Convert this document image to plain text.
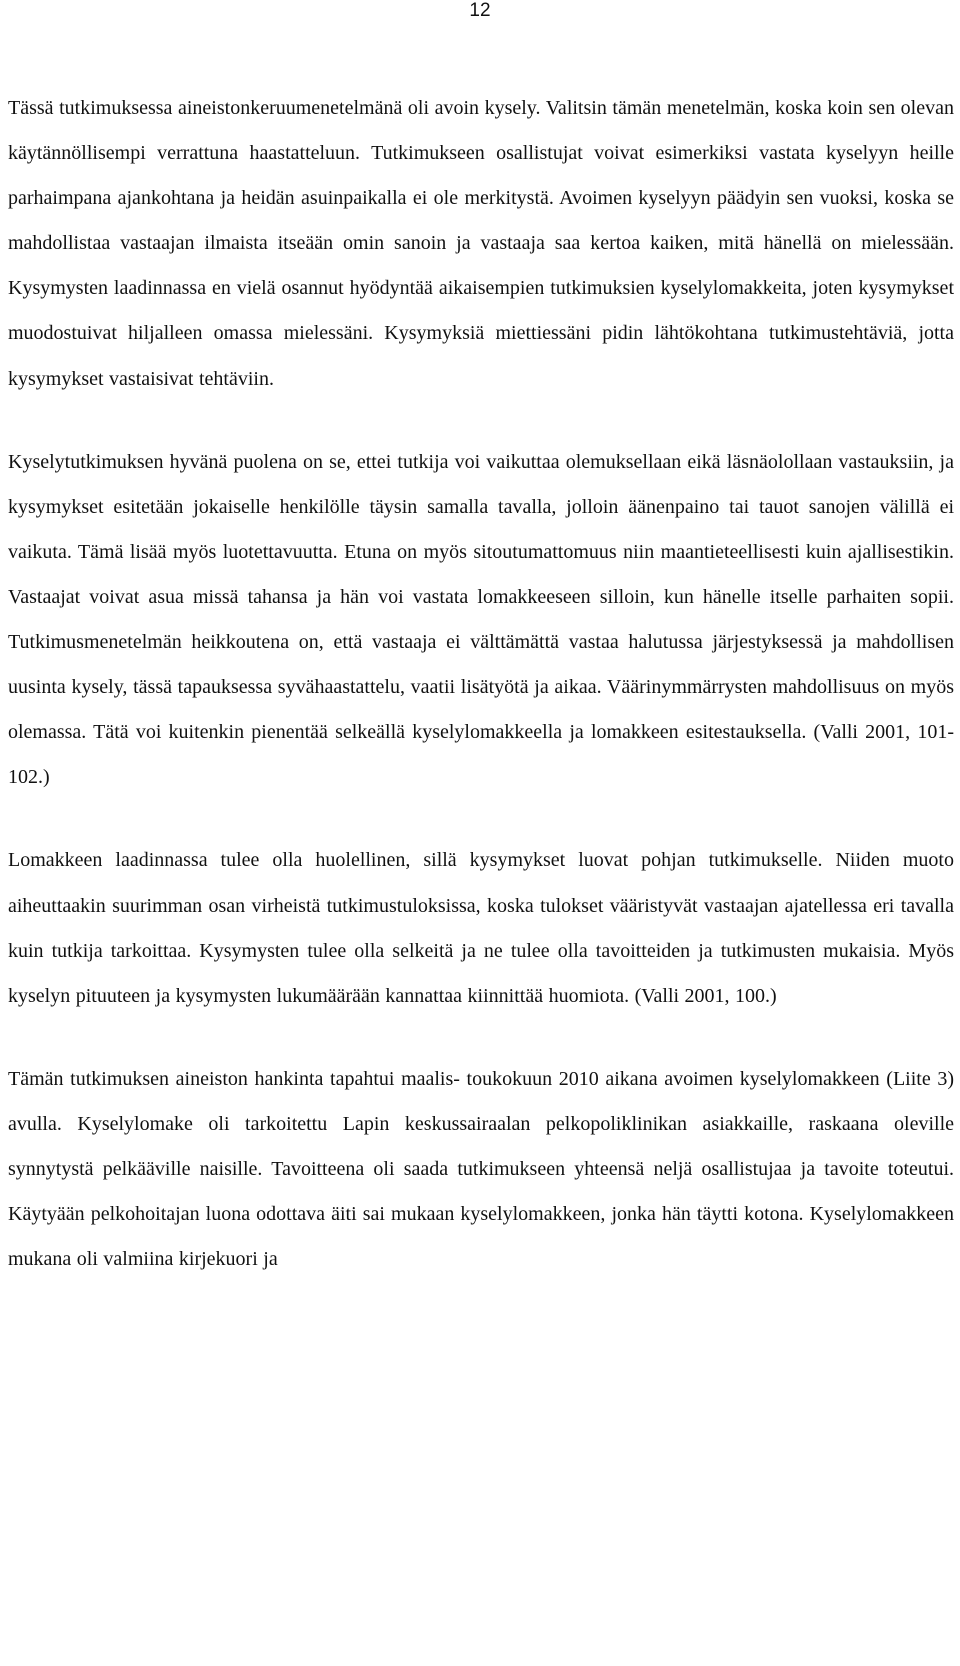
12

Tässä tutkimuksessa aineistonkeruumenetelmänä oli avoin kysely. Valitsin tämän menetelmän, koska koin sen olevan käytännöllisempi verrattuna haastatteluun. Tutkimukseen osallistujat voivat esimerkiksi vastata kyselyyn heille parhaimpana ajankohtana ja heidän asuinpaikalla ei ole merkitystä. Avoimen kyselyyn päädyin sen vuoksi, koska se mahdollistaa vastaajan ilmaista itseään omin sanoin ja vastaaja saa kertoa kaiken, mitä hänellä on mielessään. Kysymysten laadinnassa en vielä osannut hyödyntää aikaisempien tutkimuksien kyselylomakkeita, joten kysymykset muodostuivat hiljalleen omassa mielessäni. Kysymyksiä miettiessäni pidin lähtökohtana tutkimustehtäviä, jotta kysymykset vastaisivat tehtäviin.

Kyselytutkimuksen hyvänä puolena on se, ettei tutkija voi vaikuttaa olemuksellaan eikä läsnäolollaan vastauksiin, ja kysymykset esitetään jokaiselle henkilölle täysin samalla tavalla, jolloin äänenpaino tai tauot sanojen välillä ei vaikuta. Tämä lisää myös luotettavuutta. Etuna on myös sitoutumattomuus niin maantieteellisesti kuin ajallisestikin. Vastaajat voivat asua missä tahansa ja hän voi vastata lomakkeeseen silloin, kun hänelle itselle parhaiten sopii. Tutkimusmenetelmän heikkoutena on, että vastaaja ei välttämättä vastaa halutussa järjestyksessä ja mahdollisen uusinta kysely, tässä tapauksessa syvähaastattelu, vaatii lisätyötä ja aikaa. Väärinymmärrysten mahdollisuus on myös olemassa. Tätä voi kuitenkin pienentää selkeällä kyselylomakkeella ja lomakkeen esitestauksella. (Valli 2001, 101- 102.)

Lomakkeen laadinnassa tulee olla huolellinen, sillä kysymykset luovat pohjan tutkimukselle. Niiden muoto aiheuttaakin suurimman osan virheistä tutkimustuloksissa, koska tulokset vääristyvät vastaajan ajatellessa eri tavalla kuin tutkija tarkoittaa. Kysymysten tulee olla selkeitä ja ne tulee olla tavoitteiden ja tutkimusten mukaisia. Myös kyselyn pituuteen ja kysymysten lukumäärään kannattaa kiinnittää huomiota. (Valli 2001, 100.)

Tämän tutkimuksen aineiston hankinta tapahtui maalis- toukokuun 2010 aikana avoimen kyselylomakkeen (Liite 3) avulla. Kyselylomake oli tarkoitettu Lapin keskussairaalan pelkopoliklinikan asiakkaille, raskaana oleville synnytystä pelkääville naisille. Tavoitteena oli saada tutkimukseen yhteensä neljä osallistujaa ja tavoite toteutui. Käytyään pelkohoitajan luona odottava äiti sai mukaan kyselylomakkeen, jonka hän täytti kotona. Kyselylomakkeen mukana oli valmiina kirjekuori ja
